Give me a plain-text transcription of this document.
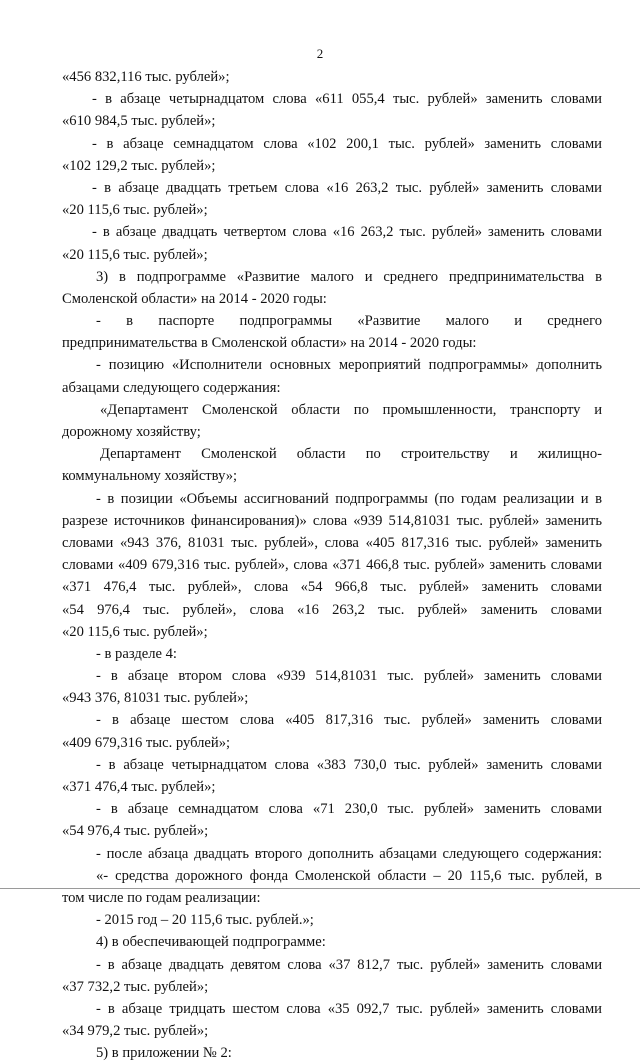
2
«456 832,116 тыс. рублей»;
- в абзаце четырнадцатом слова «611 055,4 тыс. рублей» заменить словами
«610 984,5 тыс. рублей»;
- в абзаце семнадцатом слова «102 200,1 тыс. рублей» заменить словами
«102 129,2 тыс. рублей»;
- в абзаце двадцать третьем слова «16 263,2 тыс. рублей» заменить словами
«20 115,6 тыс. рублей»;
- в абзаце двадцать четвертом слова «16 263,2 тыс. рублей» заменить словами
«20 115,6 тыс. рублей»;
3) в подпрограмме «Развитие малого и среднего предпринимательства в
Смоленской области» на 2014 - 2020 годы:
- в паспорте подпрограммы «Развитие малого и среднего
предпринимательства в Смоленской области» на 2014 - 2020 годы:
- позицию «Исполнители основных мероприятий подпрограммы» дополнить
абзацами следующего содержания:
«Департамент Смоленской области по промышленности, транспорту и
дорожному хозяйству;
Департамент Смоленской области по строительству и жилищно-
коммунальному хозяйству»;
- в позиции «Объемы ассигнований подпрограммы (по годам реализации и в
разрезе источников финансирования)» слова «939 514,81031 тыс. рублей» заменить
словами «943 376, 81031 тыс. рублей», слова «405 817,316 тыс. рублей» заменить
словами «409 679,316 тыс. рублей», слова «371 466,8 тыс. рублей» заменить словами
«371 476,4 тыс. рублей», слова «54 966,8 тыс. рублей» заменить словами
«54 976,4 тыс. рублей», слова «16 263,2 тыс. рублей» заменить словами
«20 115,6 тыс. рублей»;
- в разделе 4:
- в абзаце втором слова «939 514,81031 тыс. рублей» заменить словами
«943 376, 81031 тыс. рублей»;
- в абзаце шестом слова «405 817,316 тыс. рублей» заменить словами
«409 679,316 тыс. рублей»;
- в абзаце четырнадцатом слова «383 730,0 тыс. рублей» заменить словами
«371 476,4 тыс. рублей»;
- в абзаце семнадцатом слова «71 230,0 тыс. рублей» заменить словами
«54 976,4 тыс. рублей»;
- после абзаца двадцать второго дополнить абзацами следующего содержания:
«- средства дорожного фонда Смоленской области – 20 115,6 тыс. рублей, в
том числе по годам реализации:
- 2015 год – 20 115,6 тыс. рублей.»;
4) в обеспечивающей подпрограмме:
- в абзаце двадцать девятом слова «37 812,7 тыс. рублей» заменить словами
«37 732,2 тыс. рублей»;
- в абзаце тридцать шестом слова «35 092,7 тыс. рублей» заменить словами
«34 979,2 тыс. рублей»;
5) в приложении № 2:
